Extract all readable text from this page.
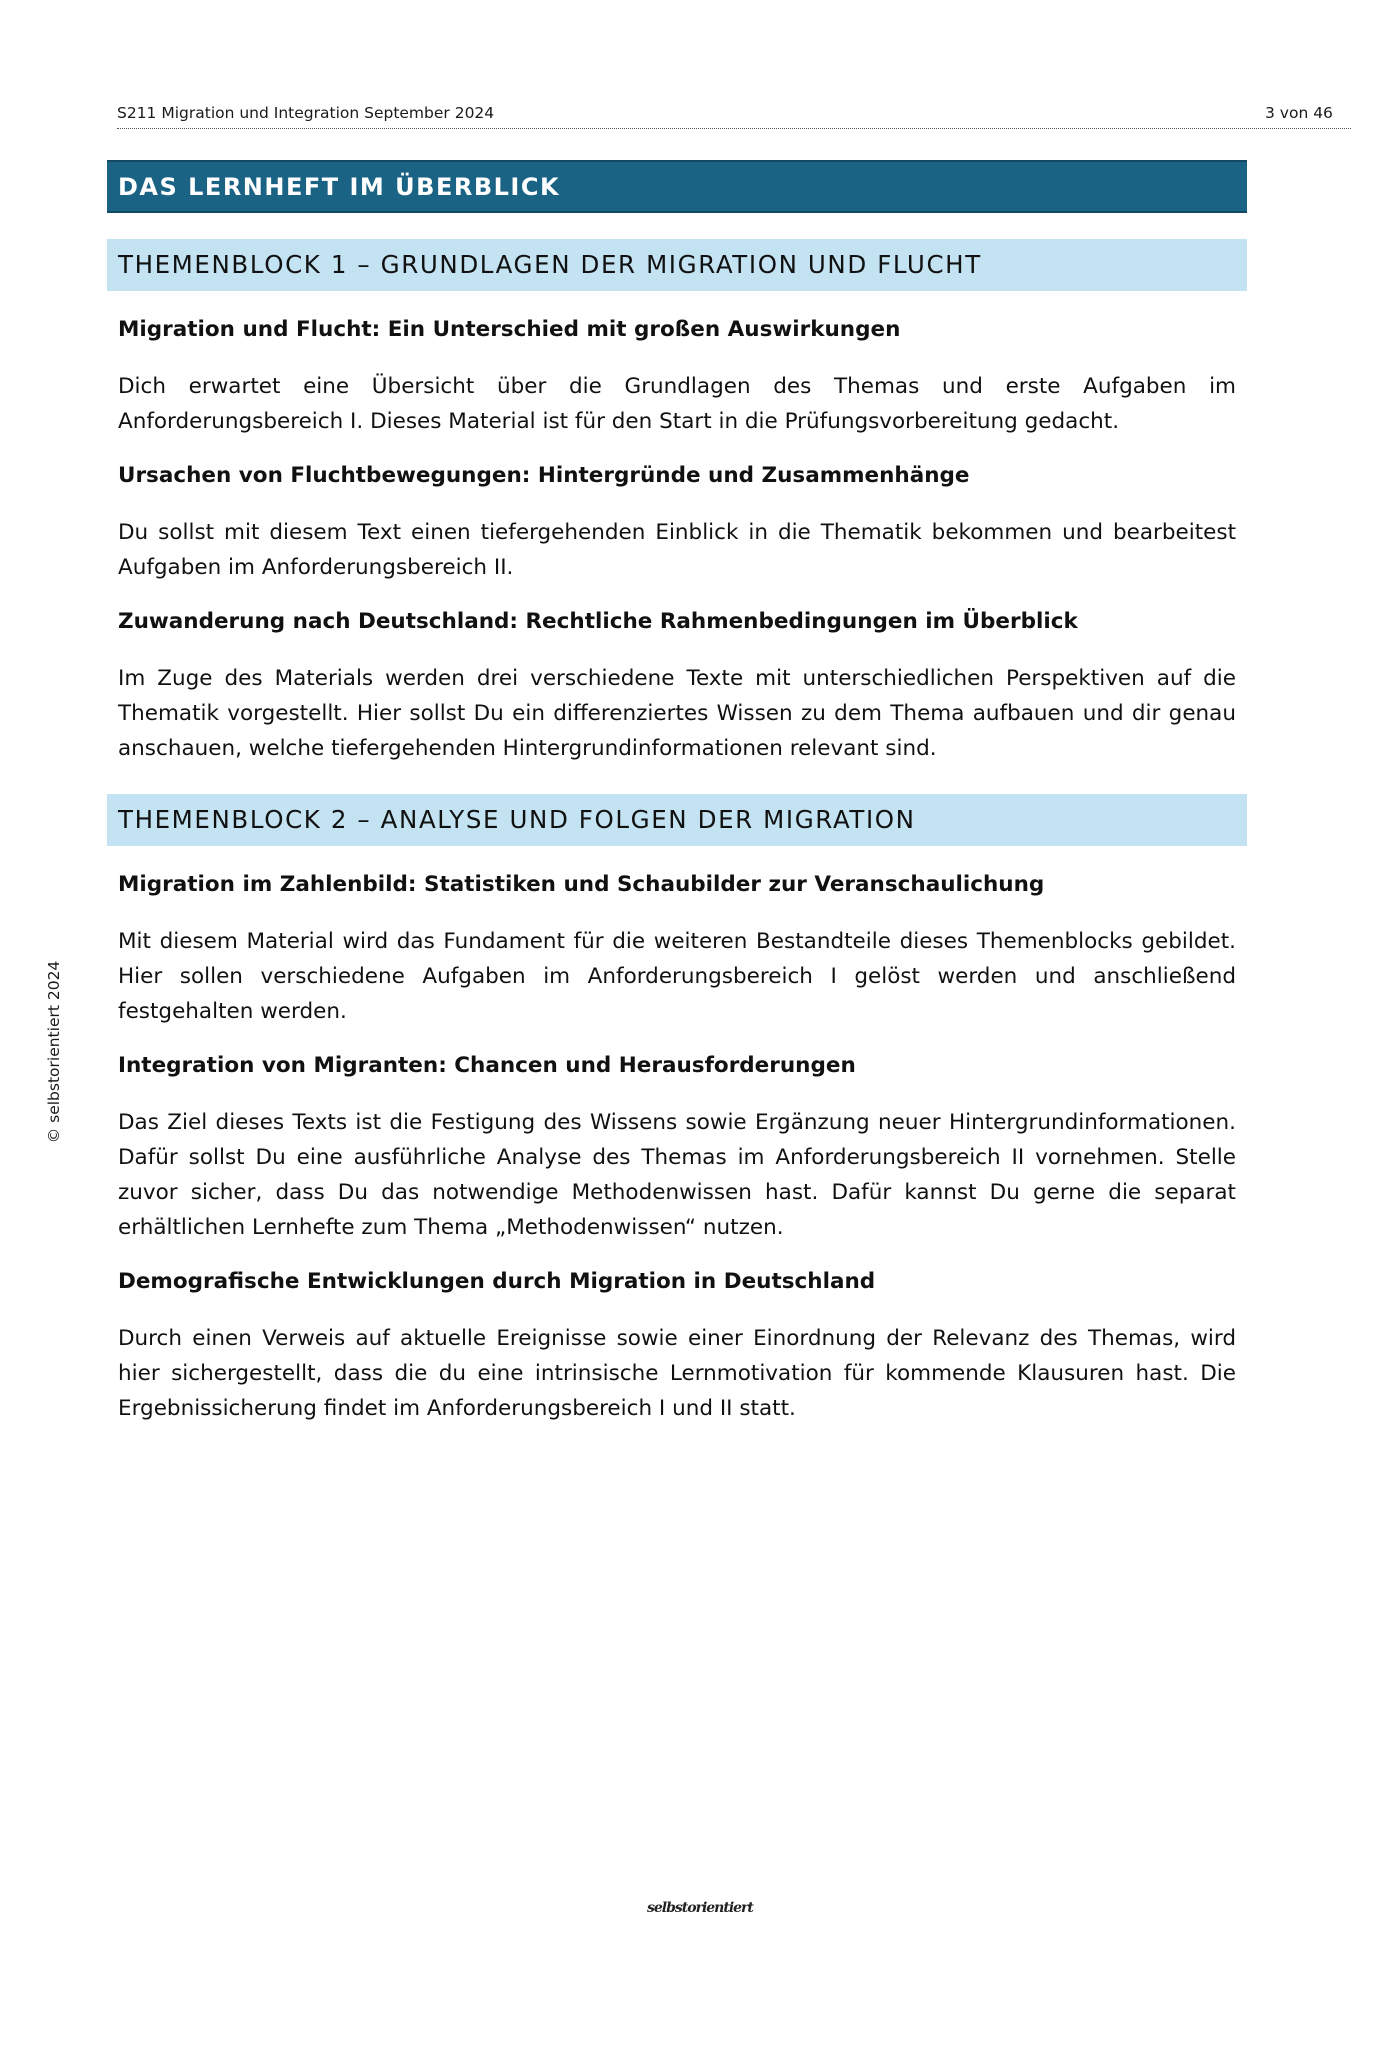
S211 Migration und Integration September 2024	3 von 46
© selbstorientiert 2024
DAS LERNHEFT IM ÜBERBLICK
THEMENBLOCK 1 – GRUNDLAGEN DER MIGRATION UND FLUCHT
Migration und Flucht: Ein Unterschied mit großen Auswirkungen
Dich erwartet eine Übersicht über die Grundlagen des Themas und erste Aufgaben im Anforderungsbereich I. Dieses Material ist für den Start in die Prüfungsvorbereitung gedacht.
Ursachen von Fluchtbewegungen: Hintergründe und Zusammenhänge
Du sollst mit diesem Text einen tiefergehenden Einblick in die Thematik bekommen und bearbeitest Aufgaben im Anforderungsbereich II.
Zuwanderung nach Deutschland: Rechtliche Rahmenbedingungen im Überblick
Im Zuge des Materials werden drei verschiedene Texte mit unterschiedlichen Perspektiven auf die Thematik vorgestellt. Hier sollst Du ein differenziertes Wissen zu dem Thema aufbauen und dir genau anschauen, welche tiefergehenden Hintergrundinformationen relevant sind.
THEMENBLOCK 2 – ANALYSE UND FOLGEN DER MIGRATION
Migration im Zahlenbild: Statistiken und Schaubilder zur Veranschaulichung
Mit diesem Material wird das Fundament für die weiteren Bestandteile dieses Themenblocks gebildet. Hier sollen verschiedene Aufgaben im Anforderungsbereich I gelöst werden und anschließend festgehalten werden.
Integration von Migranten: Chancen und Herausforderungen
Das Ziel dieses Texts ist die Festigung des Wissens sowie Ergänzung neuer Hintergrundinformationen. Dafür sollst Du eine ausführliche Analyse des Themas im Anforderungsbereich II vornehmen. Stelle zuvor sicher, dass Du das notwendige Methodenwissen hast. Dafür kannst Du gerne die separat erhältlichen Lernhefte zum Thema „Methodenwissen“ nutzen.
Demografische Entwicklungen durch Migration in Deutschland
Durch einen Verweis auf aktuelle Ereignisse sowie einer Einordnung der Relevanz des Themas, wird hier sichergestellt, dass die du eine intrinsische Lernmotivation für kommende Klausuren hast. Die Ergebnissicherung findet im Anforderungsbereich I und II statt.
selbstorientiert
